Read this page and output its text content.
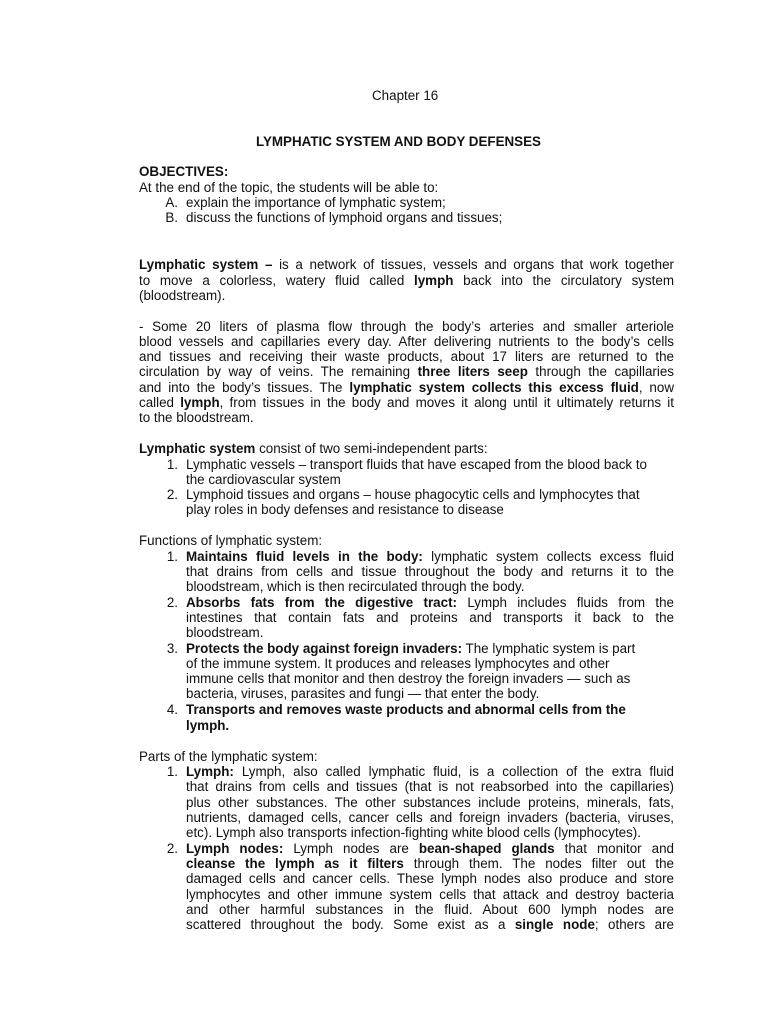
Chapter 16
LYMPHATIC SYSTEM AND BODY DEFENSES
OBJECTIVES:
At the end of the topic, the students will be able to:
A. explain the importance of lymphatic system;
B. discuss the functions of lymphoid organs and tissues;
Lymphatic system – is a network of tissues, vessels and organs that work together
to move a colorless, watery fluid called lymph back into the circulatory system
(bloodstream).
- Some 20 liters of plasma flow through the body’s arteries and smaller arteriole
blood vessels and capillaries every day. After delivering nutrients to the body’s cells
and tissues and receiving their waste products, about 17 liters are returned to the
circulation by way of veins. The remaining three liters seep through the capillaries
and into the body’s tissues. The lymphatic system collects this excess fluid, now
called lymph, from tissues in the body and moves it along until it ultimately returns it
to the bloodstream.
Lymphatic system consist of two semi-independent parts:
1. Lymphatic vessels – transport fluids that have escaped from the blood back to
the cardiovascular system
2. Lymphoid tissues and organs – house phagocytic cells and lymphocytes that
play roles in body defenses and resistance to disease
Functions of lymphatic system:
1. Maintains fluid levels in the body: lymphatic system collects excess fluid
that drains from cells and tissue throughout the body and returns it to the
bloodstream, which is then recirculated through the body.
2. Absorbs fats from the digestive tract: Lymph includes fluids from the
intestines that contain fats and proteins and transports it back to the
bloodstream.
3. Protects the body against foreign invaders: The lymphatic system is part
of the immune system. It produces and releases lymphocytes and other
immune cells that monitor and then destroy the foreign invaders — such as
bacteria, viruses, parasites and fungi — that enter the body.
4. Transports and removes waste products and abnormal cells from the
lymph.
Parts of the lymphatic system:
1. Lymph: Lymph, also called lymphatic fluid, is a collection of the extra fluid
that drains from cells and tissues (that is not reabsorbed into the capillaries)
plus other substances. The other substances include proteins, minerals, fats,
nutrients, damaged cells, cancer cells and foreign invaders (bacteria, viruses,
etc). Lymph also transports infection-fighting white blood cells (lymphocytes).
2. Lymph nodes: Lymph nodes are bean-shaped glands that monitor and
cleanse the lymph as it filters through them. The nodes filter out the
damaged cells and cancer cells. These lymph nodes also produce and store
lymphocytes and other immune system cells that attack and destroy bacteria
and other harmful substances in the fluid. About 600 lymph nodes are
scattered throughout the body. Some exist as a single node; others are
